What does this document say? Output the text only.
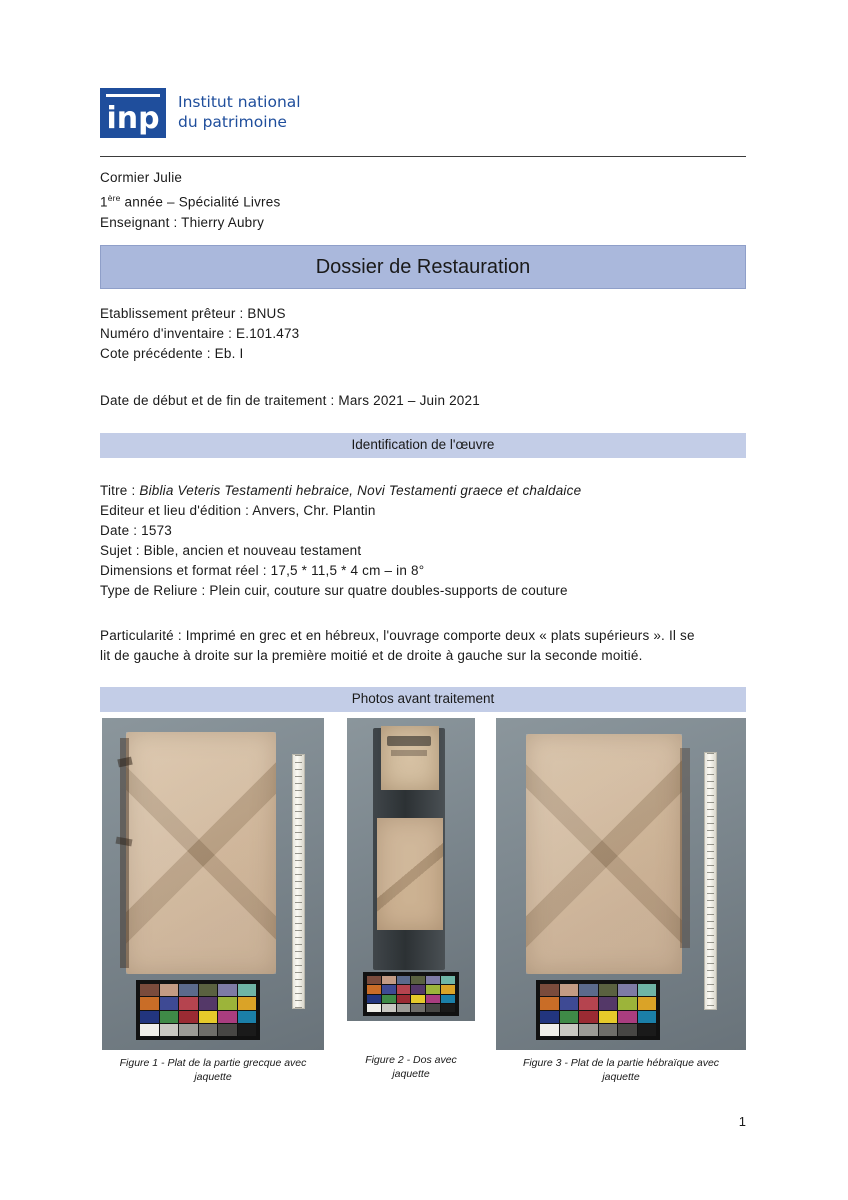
inp Institut national
du patrimoine
Cormier Julie
1ère année – Spécialité Livres
Enseignant : Thierry Aubry
Dossier de Restauration
Etablissement prêteur : BNUS
Numéro d'inventaire : E.101.473
Cote précédente : Eb. I
Date de début et de fin de traitement : Mars 2021 – Juin 2021
Identification de l'œuvre
Titre : Biblia Veteris Testamenti hebraice, Novi Testamenti graece et chaldaice
Editeur et lieu d'édition : Anvers, Chr. Plantin
Date : 1573
Sujet : Bible, ancien et nouveau testament
Dimensions et format réel : 17,5 * 11,5 * 4 cm – in 8°
Type de Reliure : Plein cuir, couture sur quatre doubles-supports de couture
Particularité : Imprimé en grec et en hébreux, l'ouvrage comporte deux « plats supérieurs ». Il se
lit de gauche à droite sur la première moitié et de droite à gauche sur la seconde moitié.
Photos avant traitement
Figure 1 - Plat de la partie grecque avec
jaquette
Figure 2 - Dos avec
jaquette
Figure 3 - Plat de la partie hébraïque avec
jaquette
1
